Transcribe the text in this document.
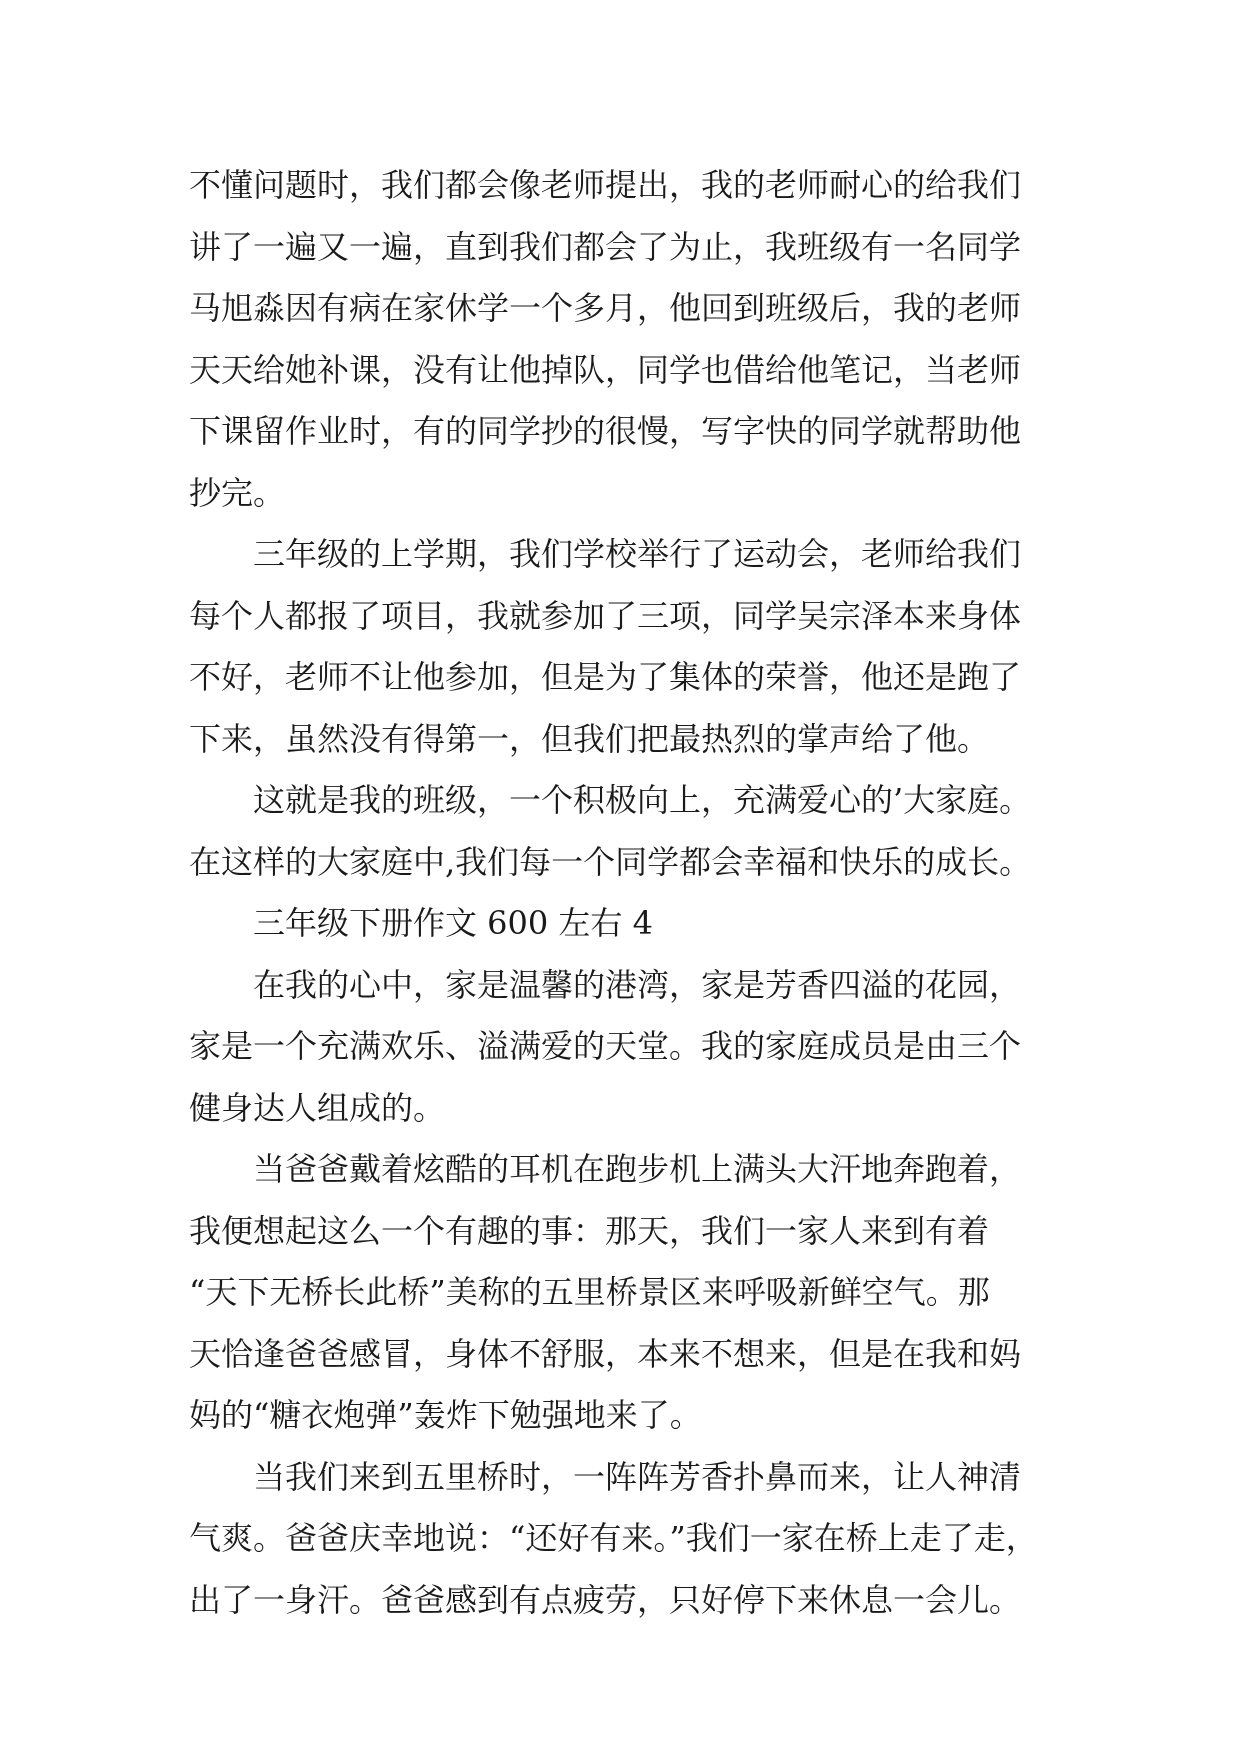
不懂问题时，我们都会像老师提出，我的老师耐心的给我们
讲了一遍又一遍，直到我们都会了为止，我班级有一名同学
马旭淼因有病在家休学一个多月，他回到班级后，我的老师
天天给她补课，没有让他掉队，同学也借给他笔记，当老师
下课留作业时，有的同学抄的很慢，写字快的同学就帮助他
抄完。
三年级的上学期，我们学校举行了运动会，老师给我们
每个人都报了项目，我就参加了三项，同学吴宗泽本来身体
不好，老师不让他参加，但是为了集体的荣誉，他还是跑了
下来，虽然没有得第一，但我们把最热烈的掌声给了他。
这就是我的班级，一个积极向上，充满爱心的’大家庭。
在这样的大家庭中,我们每一个同学都会幸福和快乐的成长。
三年级下册作文 600 左右 4
在我的心中，家是温馨的港湾，家是芳香四溢的花园，
家是一个充满欢乐、溢满爱的天堂。我的家庭成员是由三个
健身达人组成的。
当爸爸戴着炫酷的耳机在跑步机上满头大汗地奔跑着，
我便想起这么一个有趣的事：那天，我们一家人来到有着
“天下无桥长此桥”美称的五里桥景区来呼吸新鲜空气。那
天恰逢爸爸感冒，身体不舒服，本来不想来，但是在我和妈
妈的“糖衣炮弹”轰炸下勉强地来了。
当我们来到五里桥时，一阵阵芳香扑鼻而来，让人神清
气爽。爸爸庆幸地说：“还好有来。”我们一家在桥上走了走，
出了一身汗。爸爸感到有点疲劳，只好停下来休息一会儿。
